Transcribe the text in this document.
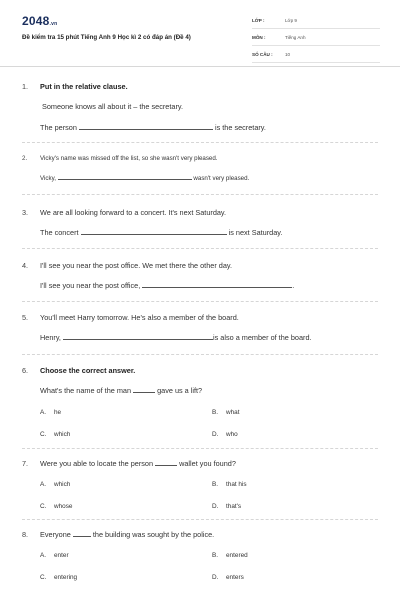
2048.vn
Đề kiểm tra 15 phút Tiếng Anh 9 Học kì 2 có đáp án (Đề 4)
LỚP :	Lớp 9
MÔN :	Tiếng Anh
SỐ CÂU :	10
1. Put in the relative clause.
Someone knows all about it – the secretary.
The person	is the secretary.
2. Vicky's name was missed off the list, so she wasn't very pleased.
Vicky,	wasn't very pleased.
3. We are all looking forward to a concert. It's next Saturday.
The concert	is next Saturday.
4. I'll see you near the post office. We met there the other day.
I'll see you near the post office,	.
5. You'll meet Harry tomorrow. He's also a member of the board.
Henry,	is also a member of the board.
6. Choose the correct answer.
What's the name of the man	gave us a lift?
A. he	B. what
C. which	D. who
7. Were you able to locate the person	wallet you found?
A. which	B. that his
C. whose	D. that's
8. Everyone	the building was sought by the police.
A. enter	B. entered
C. entering	D. enters
